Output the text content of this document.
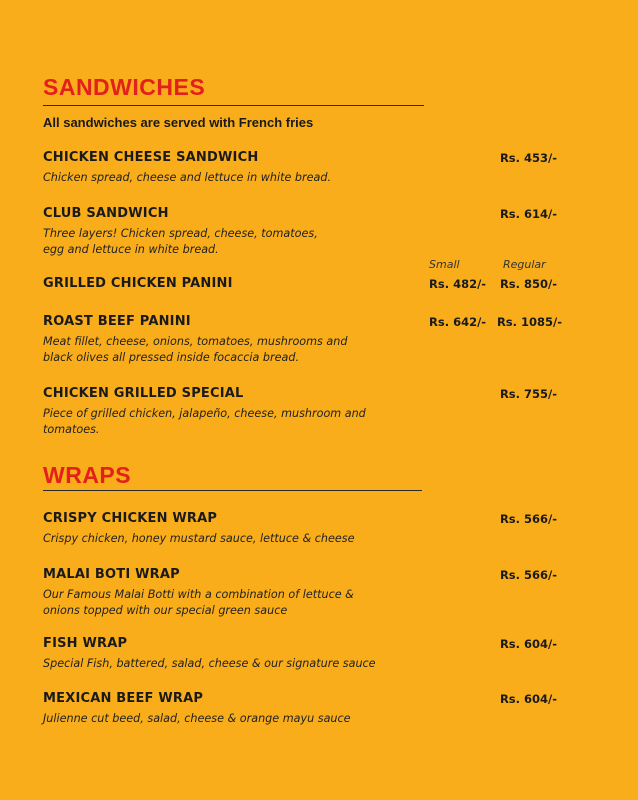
SANDWICHES

All sandwiches are served with French fries

CHICKEN CHEESE SANDWICH

Chicken spread, cheese and lettuce in white bread.

Rs. 453/-

CLUB SANDWICH

Three layers! Chicken spread, cheese, tomatoes, egg and lettuce in white bread.

Rs. 614/-
Small	Regular

GRILLED CHICKEN PANINI	Rs. 482/- Rs. 850/-

ROAST BEEF PANINI

Meat fillet, cheese, onions, tomatoes, mushrooms and black olives all pressed inside focaccia bread.

Rs. 642/- Rs. 1085/-

CHICKEN GRILLED SPECIAL

Piece of grilled chicken, jalapeño, cheese, mushroom and tomatoes.

Rs. 755/-
WRAPS

CRISPY CHICKEN WRAP

Crispy chicken, honey mustard sauce, lettuce & cheese

Rs. 566/-

MALAI BOTI WRAP

Our Famous Malai Botti with a combination of lettuce & onions topped with our special green sauce

Rs. 566/-

FISH WRAP

Special Fish, battered, salad, cheese & our signature sauce

Rs. 604/-

MEXICAN BEEF WRAP

Julienne cut beed, salad, cheese & orange mayu sauce

Rs. 604/-
